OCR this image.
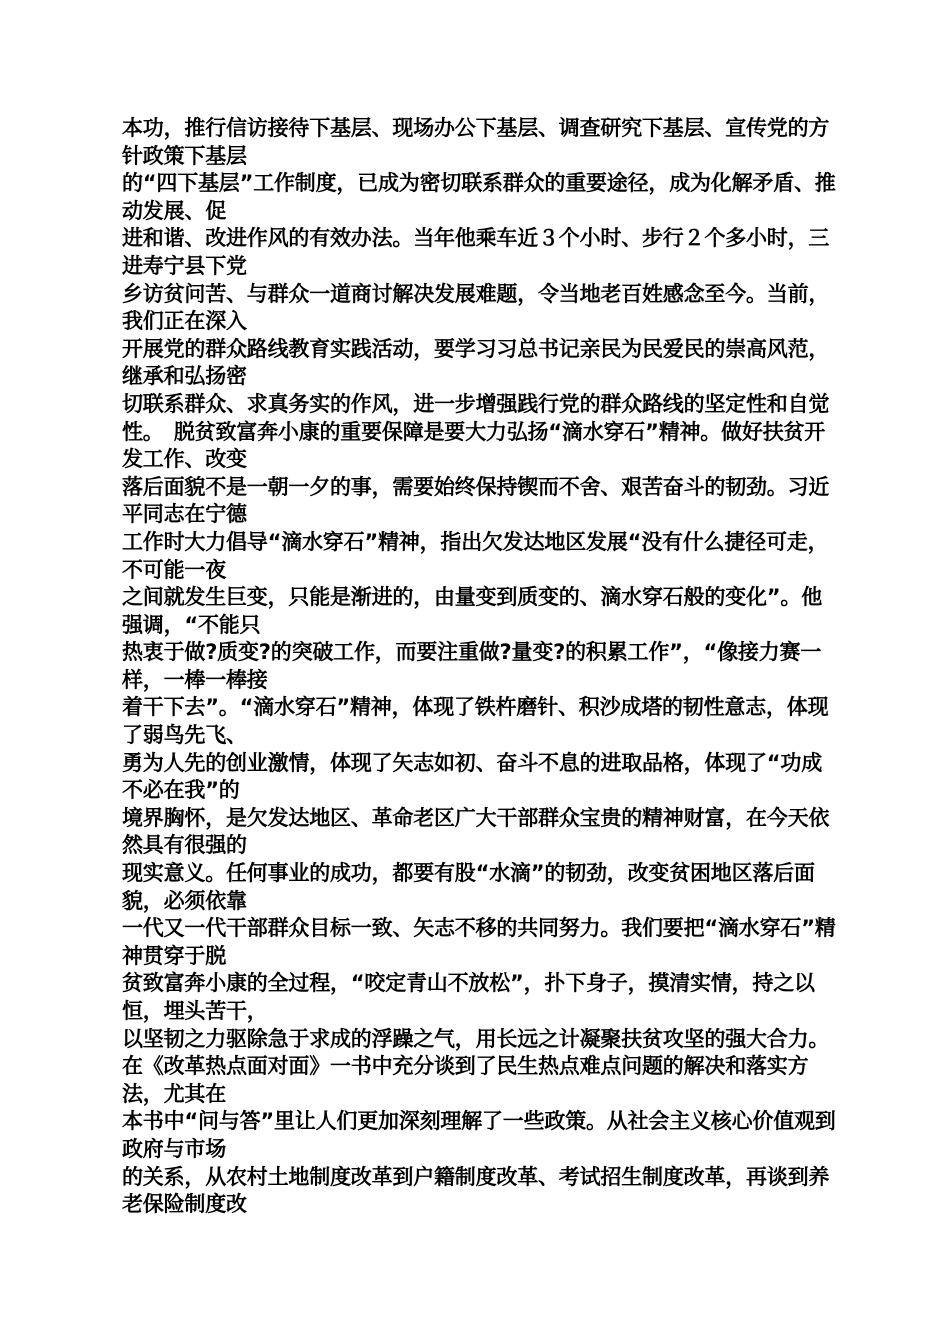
本功，推行信访接待下基层、现场办公下基层、调查研究下基层、宣传党的方针政策下基层

的“四下基层”工作制度，已成为密切联系群众的重要途径，成为化解矛盾、推动发展、促

进和谐、改进作风的有效办法。当年他乘车近３个小时、步行２个多小时，三进寿宁县下党

乡访贫问苦、与群众一道商讨解决发展难题，令当地老百姓感念至今。当前，我们正在深入

开展党的群众路线教育实践活动，要学习习总书记亲民为民爱民的崇高风范，继承和弘扬密

切联系群众、求真务实的作风，进一步增强践行党的群众路线的坚定性和自觉性。　脱贫致富奔小康的重要保障是要大力弘扬“滴水穿石”精神。做好扶贫开发工作、改变

落后面貌不是一朝一夕的事，需要始终保持锲而不舍、艰苦奋斗的韧劲。习近平同志在宁德

工作时大力倡导“滴水穿石”精神，指出欠发达地区发展“没有什么捷径可走，不可能一夜

之间就发生巨变，只能是渐进的，由量变到质变的、滴水穿石般的变化”。他强调，“不能只

热衷于做?质变?的突破工作，而要注重做?量变?的积累工作”，“像接力赛一样，一棒一棒接

着干下去”。“滴水穿石”精神，体现了铁杵磨针、积沙成塔的韧性意志，体现了弱鸟先飞、

勇为人先的创业激情，体现了矢志如初、奋斗不息的进取品格，体现了“功成不必在我”的

境界胸怀，是欠发达地区、革命老区广大干部群众宝贵的精神财富，在今天依然具有很强的

现实意义。任何事业的成功，都要有股“水滴”的韧劲，改变贫困地区落后面貌，必须依靠

一代又一代干部群众目标一致、矢志不移的共同努力。我们要把“滴水穿石”精神贯穿于脱

贫致富奔小康的全过程，“咬定青山不放松”，扑下身子，摸清实情，持之以恒，埋头苦干，

以坚韧之力驱除急于求成的浮躁之气，用长远之计凝聚扶贫攻坚的强大合力。在《改革热点面对面》一书中充分谈到了民生热点难点问题的解决和落实方法，尤其在

本书中“问与答”里让人们更加深刻理解了一些政策。从社会主义核心价值观到政府与市场

的关系，从农村土地制度改革到户籍制度改革、考试招生制度改革，再谈到养老保险制度改
